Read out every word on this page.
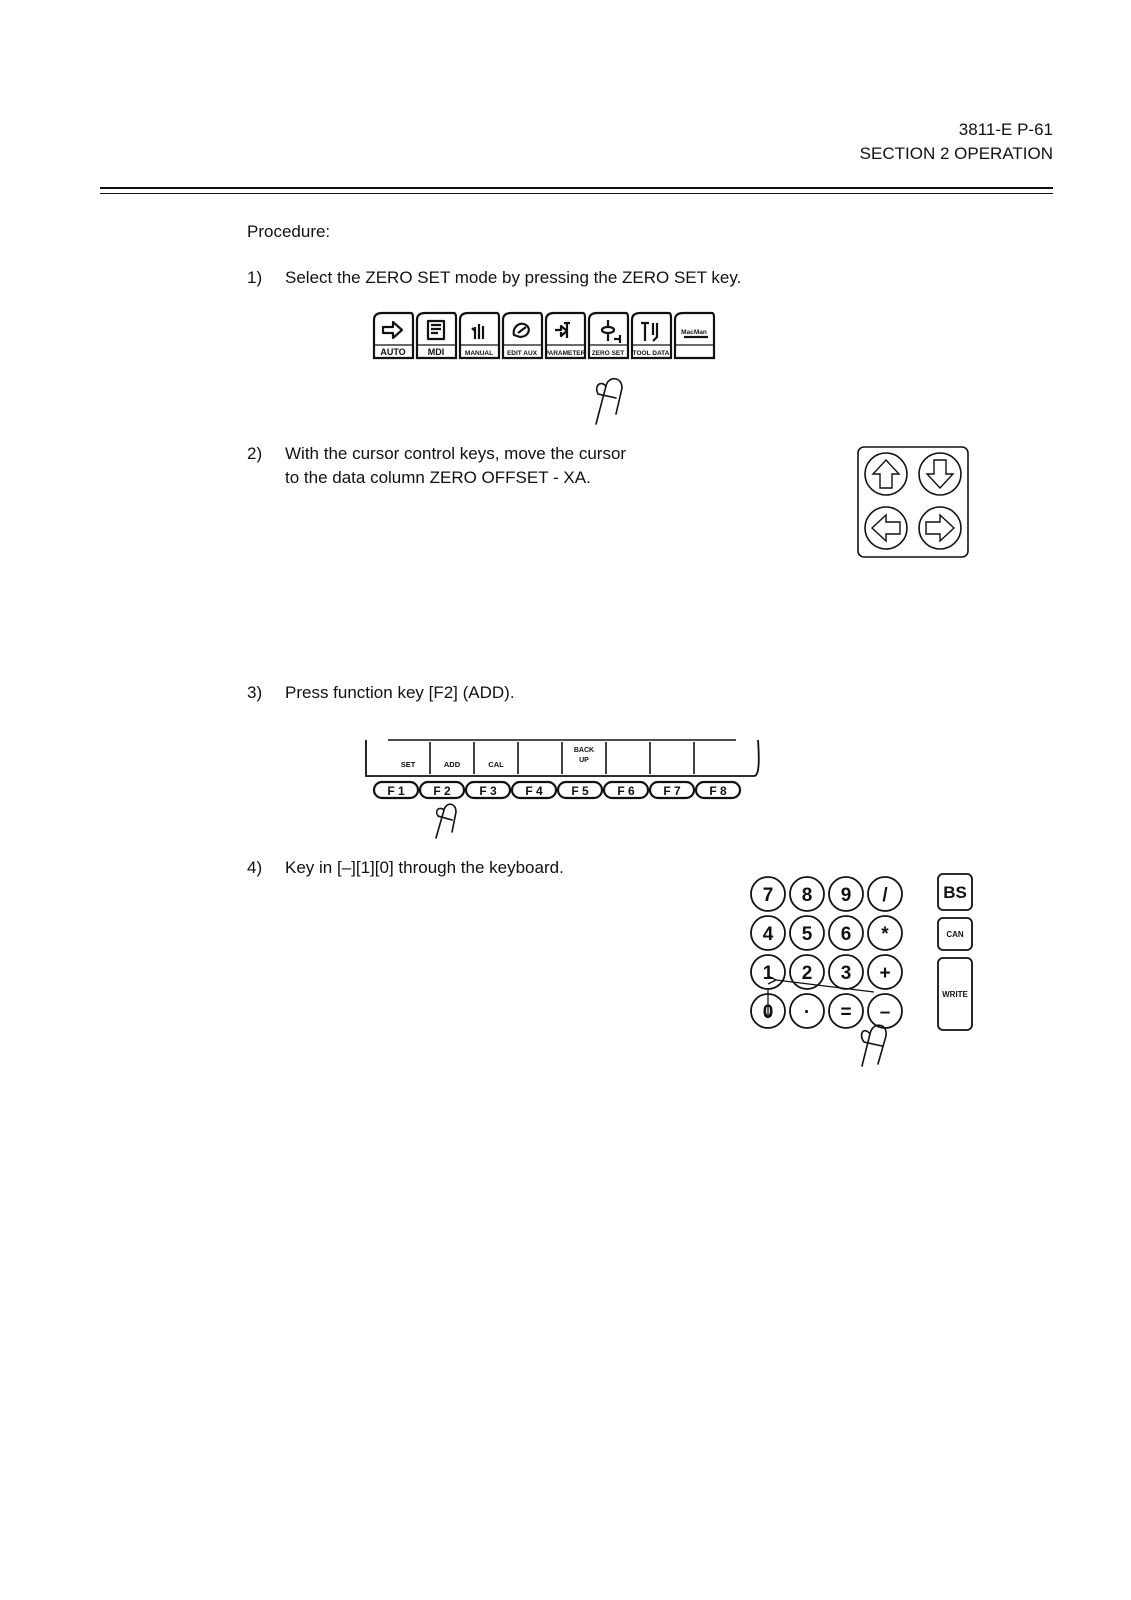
3811-E P-61
SECTION 2 OPERATION
Procedure:
1) Select the ZERO SET mode by pressing the ZERO SET key.
AUTO MDI	MANUAL EDIT AUX PARAMETER ZERO SET TOOL DATA
MacMan
2) With the cursor control keys, move the cursor
to the data column ZERO OFFSET - XA.
3) Press function key [F2] (ADD).
SET	ADD	CAL
BACK
UP
F 1 F 2 F 3 F 4 F 5 F 6 F 7 F 8
4) Key in [–][1][0] through the keyboard.
7 8 9 /
4 5 6 *
1 2 3 +
0 · = –
BS
CAN
WRITE
